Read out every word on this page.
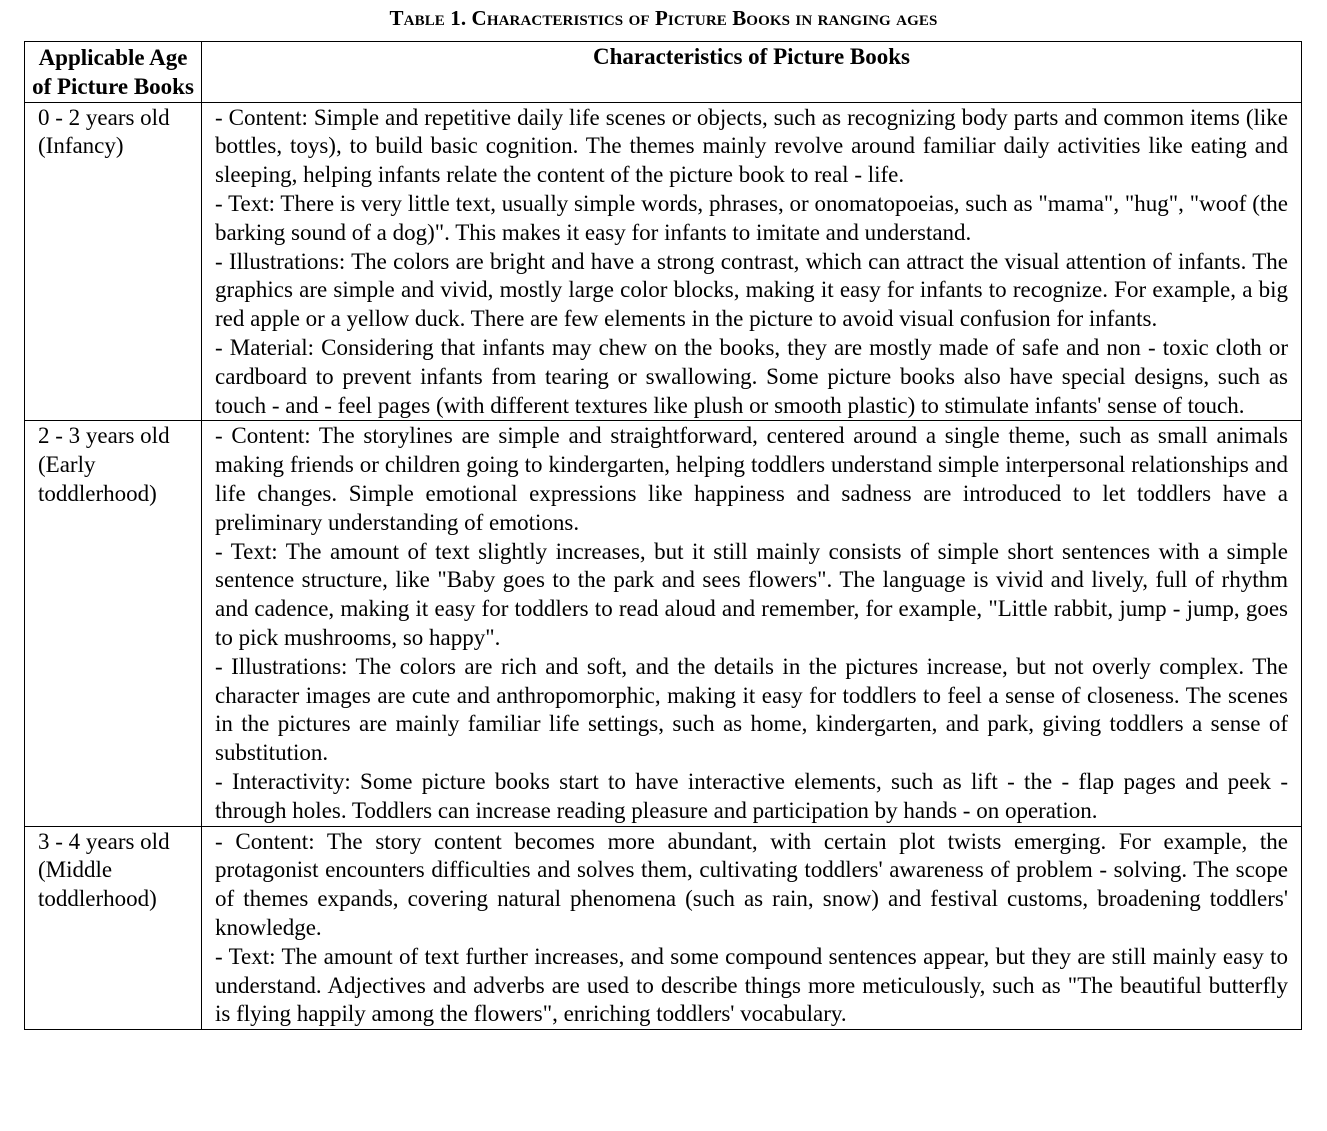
Table 1. Characteristics of Picture Books in ranging ages
Applicable Age of Picture Books	Characteristics of Picture Books
0 - 2 years old (Infancy)	- Content: Simple and repetitive daily life scenes or objects, such as recognizing body parts and common items (like bottles, toys), to build basic cognition. The themes mainly revolve around familiar daily activities like eating and sleeping, helping infants relate the content of the picture book to real - life.
- Text: There is very little text, usually simple words, phrases, or onomatopoeias, such as "mama", "hug", "woof (the barking sound of a dog)". This makes it easy for infants to imitate and understand.
- Illustrations: The colors are bright and have a strong contrast, which can attract the visual attention of infants. The graphics are simple and vivid, mostly large color blocks, making it easy for infants to recognize. For example, a big red apple or a yellow duck. There are few elements in the picture to avoid visual confusion for infants.
- Material: Considering that infants may chew on the books, they are mostly made of safe and non - toxic cloth or cardboard to prevent infants from tearing or swallowing. Some picture books also have special designs, such as touch - and - feel pages (with different textures like plush or smooth plastic) to stimulate infants' sense of touch.

2 - 3 years old (Early toddlerhood)	- Content: The storylines are simple and straightforward, centered around a single theme, such as small animals making friends or children going to kindergarten, helping toddlers understand simple interpersonal relationships and life changes. Simple emotional expressions like happiness and sadness are introduced to let toddlers have a preliminary understanding of emotions.
- Text: The amount of text slightly increases, but it still mainly consists of simple short sentences with a simple sentence structure, like "Baby goes to the park and sees flowers". The language is vivid and lively, full of rhythm and cadence, making it easy for toddlers to read aloud and remember, for example, "Little rabbit, jump - jump, goes to pick mushrooms, so happy".
- Illustrations: The colors are rich and soft, and the details in the pictures increase, but not overly complex. The character images are cute and anthropomorphic, making it easy for toddlers to feel a sense of closeness. The scenes in the pictures are mainly familiar life settings, such as home, kindergarten, and park, giving toddlers a sense of substitution.
- Interactivity: Some picture books start to have interactive elements, such as lift - the - flap pages and peek - through holes. Toddlers can increase reading pleasure and participation by hands - on operation.

3 - 4 years old (Middle toddlerhood)	- Content: The story content becomes more abundant, with certain plot twists emerging. For example, the protagonist encounters difficulties and solves them, cultivating toddlers' awareness of problem - solving. The scope of themes expands, covering natural phenomena (such as rain, snow) and festival customs, broadening toddlers' knowledge.
- Text: The amount of text further increases, and some compound sentences appear, but they are still mainly easy to understand. Adjectives and adverbs are used to describe things more meticulously, such as "The beautiful butterfly is flying happily among the flowers", enriching toddlers' vocabulary.
